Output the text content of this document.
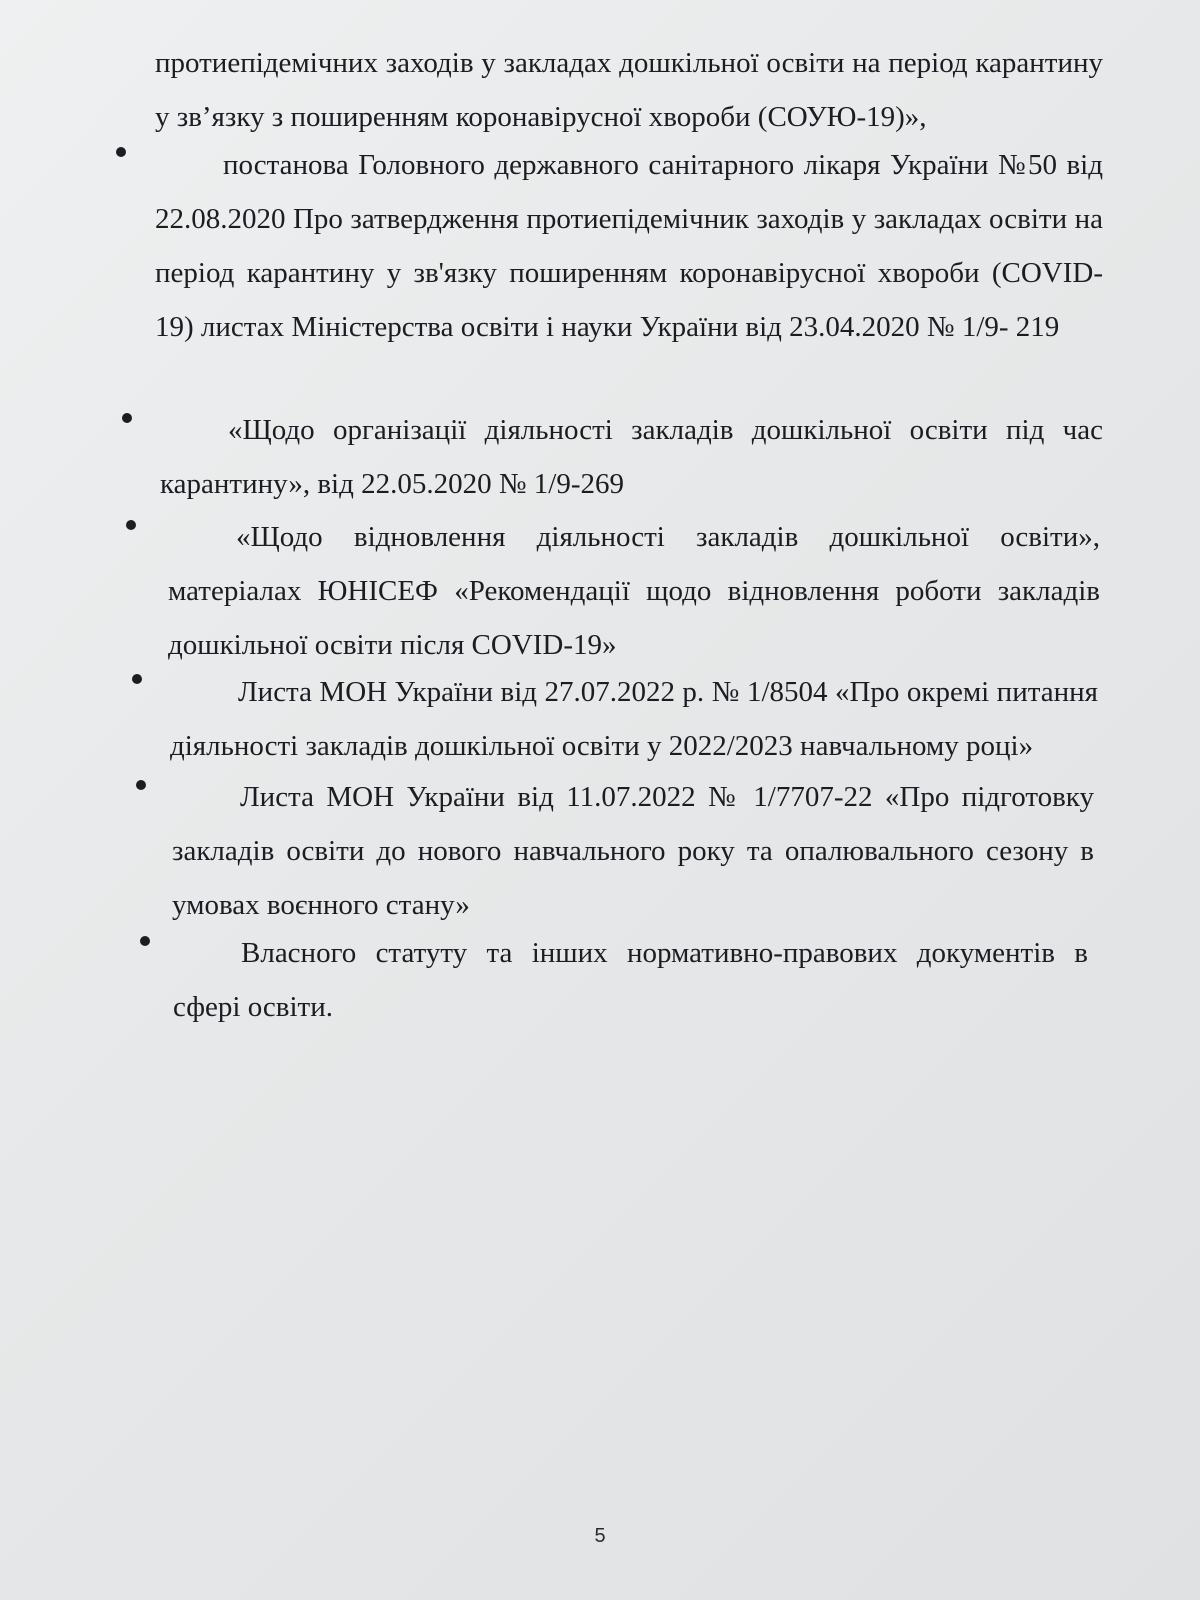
протиепідемічних заходів у закладах дошкільної освіти на період карантину у зв’язку з поширенням коронавірусної хвороби (СОУЮ-19)»,

постанова Головного державного санітарного лікаря України №50 від 22.08.2020 Про затвердження протиепідемічник заходів у закладах освіти на період карантину у зв'язку поширенням коронавірусної хвороби (COVID-19) листах Міністерства освіти і науки України від 23.04.2020 № 1/9- 219

«Щодо організації діяльності закладів дошкільної освіти під час карантину», від 22.05.2020 № 1/9-269

«Щодо відновлення діяльності закладів дошкільної освіти», матеріалах ЮНІСЕФ «Рекомендації щодо відновлення роботи закладів дошкільної освіти після COVID-19»

Листа МОН України від 27.07.2022 р. № 1/8504 «Про окремі питання діяльності закладів дошкільної освіти у 2022/2023 навчальному році»

Листа МОН України від 11.07.2022 № 1/7707-22 «Про підготовку закладів освіти до нового навчального року та опалювального сезону в умовах воєнного стану»

Власного статуту та інших нормативно-правових документів в сфері освіти.

5
